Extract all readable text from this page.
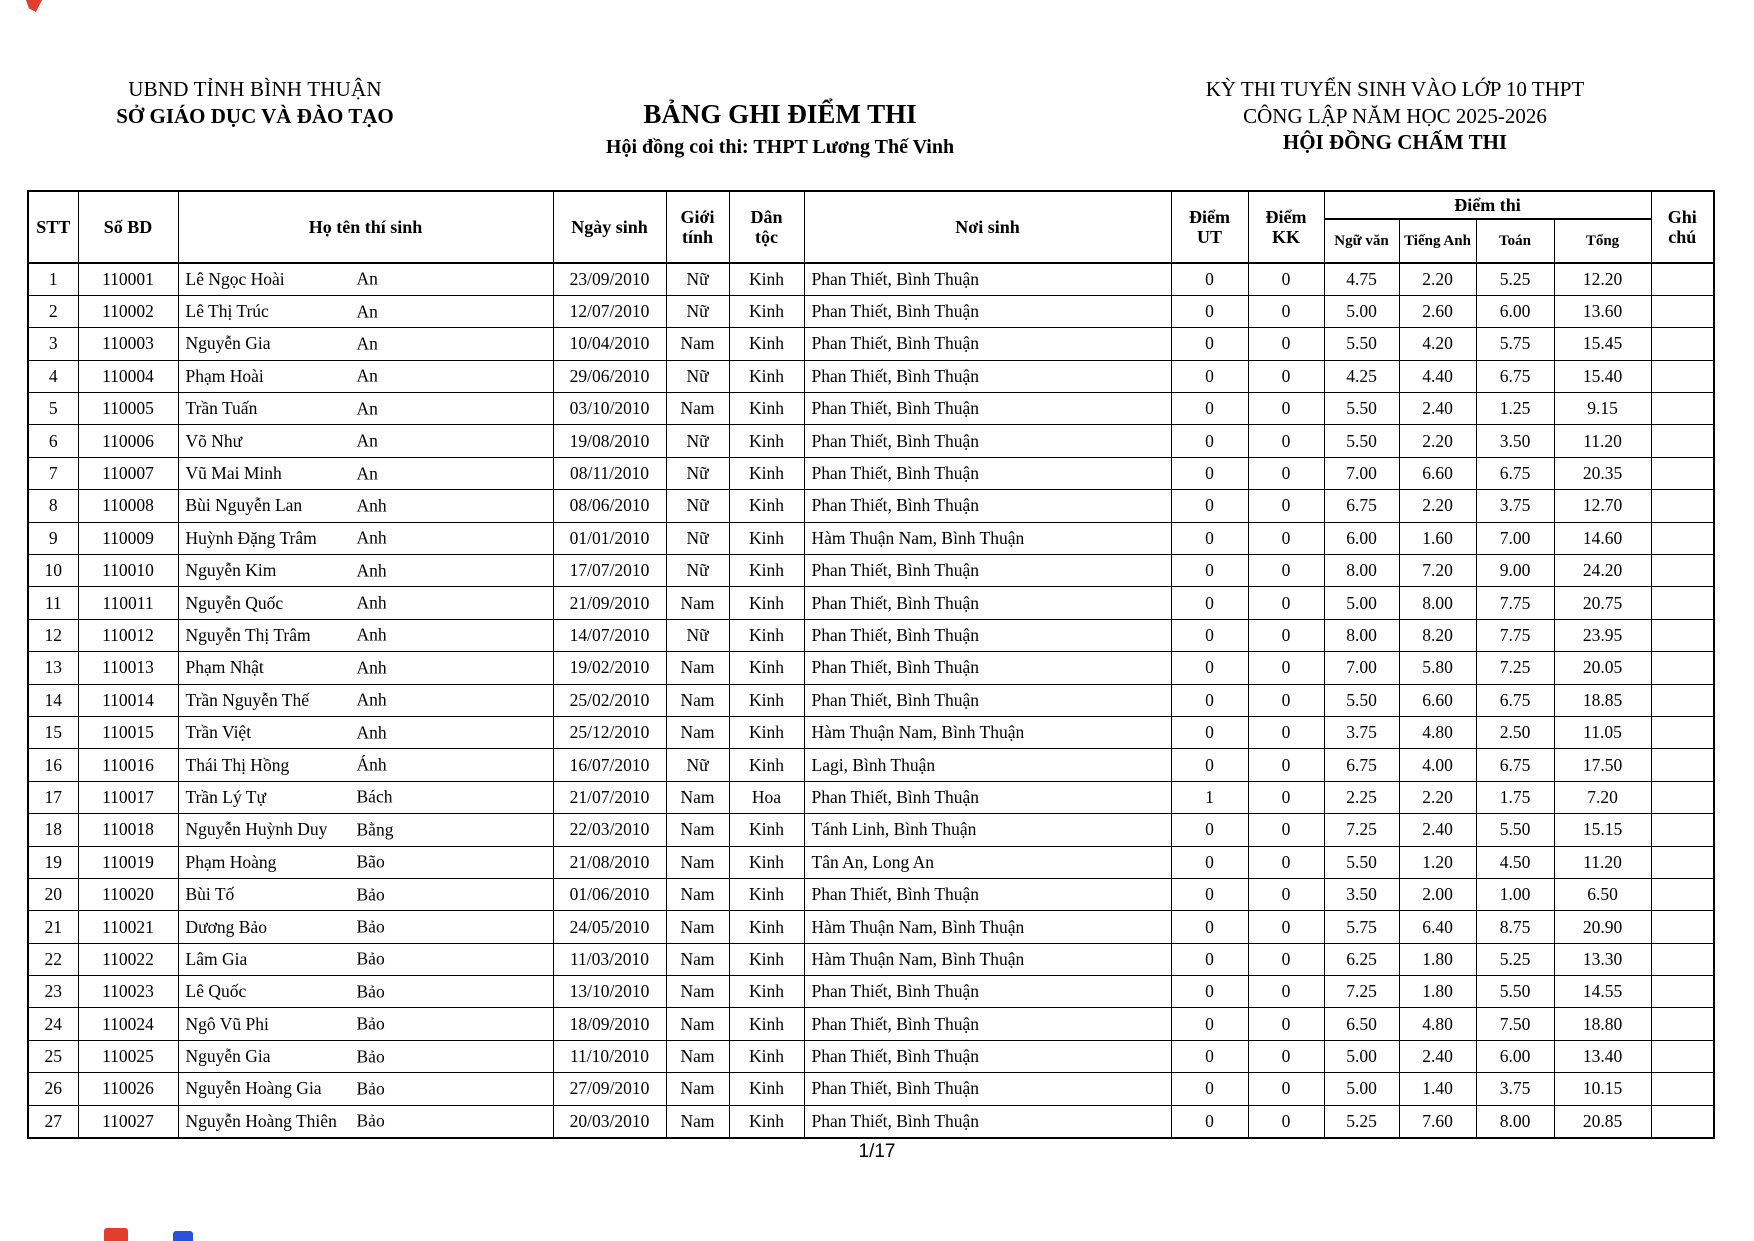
UBND TỈNH BÌNH THUẬN
SỞ GIÁO DỤC VÀ ĐÀO TẠO	BẢNG GHI ĐIỂM THI
Hội đồng coi thi: THPT Lương Thế Vinh
KỲ THI TUYỂN SINH VÀO LỚP 10 THPT
CÔNG LẬP NĂM HỌC 2025-2026
HỘI ĐỒNG CHẤM THI
STT	Số BD	Họ tên thí sinh	Ngày sinh	Giới tính	Dân tộc	Nơi sinh	Điểm UT	Điểm KK	Điểm thi				Ghi chú
									Ngữ văn	Tiếng Anh	Toán	Tổng	
1	110001	Lê Ngọc Hoài An	23/09/2010	Nữ	Kinh	Phan Thiết, Bình Thuận	0	0	4.75	2.20	5.25	12.20	
2	110002	Lê Thị Trúc An	12/07/2010	Nữ	Kinh	Phan Thiết, Bình Thuận	0	0	5.00	2.60	6.00	13.60	
3	110003	Nguyễn Gia An	10/04/2010	Nam	Kinh	Phan Thiết, Bình Thuận	0	0	5.50	4.20	5.75	15.45	
4	110004	Phạm Hoài An	29/06/2010	Nữ	Kinh	Phan Thiết, Bình Thuận	0	0	4.25	4.40	6.75	15.40	
5	110005	Trần Tuấn An	03/10/2010	Nam	Kinh	Phan Thiết, Bình Thuận	0	0	5.50	2.40	1.25	9.15	
6	110006	Võ Như An	19/08/2010	Nữ	Kinh	Phan Thiết, Bình Thuận	0	0	5.50	2.20	3.50	11.20	
7	110007	Vũ Mai Minh An	08/11/2010	Nữ	Kinh	Phan Thiết, Bình Thuận	0	0	7.00	6.60	6.75	20.35	
8	110008	Bùi Nguyễn Lan Anh	08/06/2010	Nữ	Kinh	Phan Thiết, Bình Thuận	0	0	6.75	2.20	3.75	12.70	
9	110009	Huỳnh Đặng Trâm Anh	01/01/2010	Nữ	Kinh	Hàm Thuận Nam, Bình Thuận	0	0	6.00	1.60	7.00	14.60	
10	110010	Nguyễn Kim Anh	17/07/2010	Nữ	Kinh	Phan Thiết, Bình Thuận	0	0	8.00	7.20	9.00	24.20	
11	110011	Nguyễn Quốc Anh	21/09/2010	Nam	Kinh	Phan Thiết, Bình Thuận	0	0	5.00	8.00	7.75	20.75	
12	110012	Nguyễn Thị Trâm Anh	14/07/2010	Nữ	Kinh	Phan Thiết, Bình Thuận	0	0	8.00	8.20	7.75	23.95	
13	110013	Phạm Nhật Anh	19/02/2010	Nam	Kinh	Phan Thiết, Bình Thuận	0	0	7.00	5.80	7.25	20.05	
14	110014	Trần Nguyễn Thế Anh	25/02/2010	Nam	Kinh	Phan Thiết, Bình Thuận	0	0	5.50	6.60	6.75	18.85	
15	110015	Trần Việt Anh	25/12/2010	Nam	Kinh	Hàm Thuận Nam, Bình Thuận	0	0	3.75	4.80	2.50	11.05	
16	110016	Thái Thị Hồng Ánh	16/07/2010	Nữ	Kinh	Lagi, Bình Thuận	0	0	6.75	4.00	6.75	17.50	
17	110017	Trần Lý Tự Bách	21/07/2010	Nam	Hoa	Phan Thiết, Bình Thuận	1	0	2.25	2.20	1.75	7.20	
18	110018	Nguyễn Huỳnh Duy Bằng	22/03/2010	Nam	Kinh	Tánh Linh, Bình Thuận	0	0	7.25	2.40	5.50	15.15	
19	110019	Phạm Hoàng Bão	21/08/2010	Nam	Kinh	Tân An, Long An	0	0	5.50	1.20	4.50	11.20	
20	110020	Bùi Tố Bảo	01/06/2010	Nam	Kinh	Phan Thiết, Bình Thuận	0	0	3.50	2.00	1.00	6.50	
21	110021	Dương Bảo Bảo	24/05/2010	Nam	Kinh	Hàm Thuận Nam, Bình Thuận	0	0	5.75	6.40	8.75	20.90	
22	110022	Lâm Gia Bảo	11/03/2010	Nam	Kinh	Hàm Thuận Nam, Bình Thuận	0	0	6.25	1.80	5.25	13.30	
23	110023	Lê Quốc Bảo	13/10/2010	Nam	Kinh	Phan Thiết, Bình Thuận	0	0	7.25	1.80	5.50	14.55	
24	110024	Ngô Vũ Phi Bảo	18/09/2010	Nam	Kinh	Phan Thiết, Bình Thuận	0	0	6.50	4.80	7.50	18.80	
25	110025	Nguyễn Gia Bảo	11/10/2010	Nam	Kinh	Phan Thiết, Bình Thuận	0	0	5.00	2.40	6.00	13.40	
26	110026	Nguyễn Hoàng Gia Bảo	27/09/2010	Nam	Kinh	Phan Thiết, Bình Thuận	0	0	5.00	1.40	3.75	10.15	
27	110027	Nguyễn Hoàng Thiên Bảo	20/03/2010	Nam	Kinh	Phan Thiết, Bình Thuận	0	0	5.25	7.60	8.00	20.85	
1/17
